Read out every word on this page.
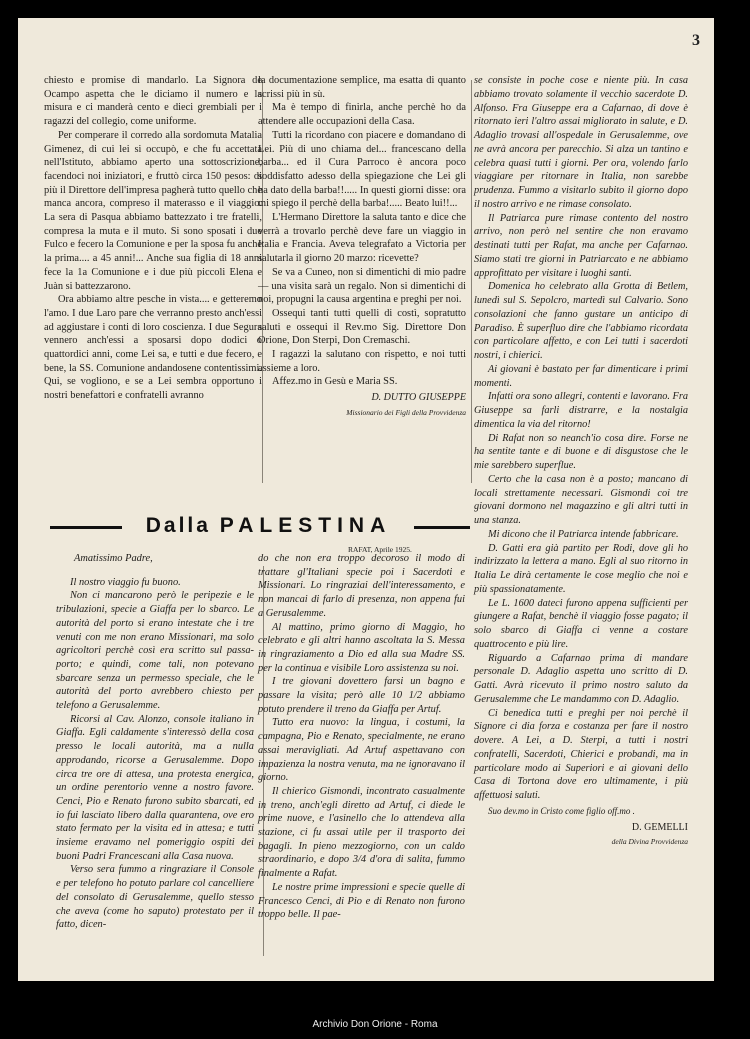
3

chiesto e promise di mandarlo. La Signora de Ocampo aspetta che le diciamo il numero e la misura e ci manderà cento e dieci grembiali per i ragazzi del collegio, come uniforme.

Per comperare il corredo alla sordomuta Matalia Gimenez, di cui lei si occupò, e che fu accettata nell'Istituto, abbiamo aperto una sottoscrizione, facendoci noi iniziatori, e fruttò circa 150 pesos: di più il Direttore dell'impresa pagherà tutto quello che manca ancora, compreso il materasso e il viaggio. La sera di Pasqua abbiamo battezzato i tre fratelli, compresa la muta e il muto. Si sono sposati i due Fulco e fecero la Comunione e per la sposa fu anche la prima.... a 45 anni!... Anche sua figlia di 18 anni fece la 1a Comunione e i due più piccoli Elena e Juàn si battezzarono.

Ora abbiamo altre pesche in vista.... e getteremo l'amo. I due Laro pare che verranno presto anch'essi ad aggiustare i conti di loro coscienza. I due Segura vennero anch'essi a sposarsi dopo dodici o quattordici anni, come Lei sa, e tutti e due fecero, e bene, la SS. Comunione andandosene contentissimi. Qui, se vogliono, e se a Lei sembra opportuno i nostri benefattori e confratelli avranno

la documentazione semplice, ma esatta di quanto scrissi più in sù.

Ma è tempo di finirla, anche perchè ho da attendere alle occupazioni della Casa.

Tutti la ricordano con piacere e domandano di Lei. Più di uno chiama del... francescano della barba... ed il Cura Parroco è ancora poco soddisfatto adesso della spiegazione che Lei gli ha dato della barba!!..... In questi giorni disse: ora mi spiego il perchè della barba!..... Beato lui!!...

L'Hermano Direttore la saluta tanto e dice che verrà a trovarlo perchè deve fare un viaggio in Italia e Francia. Aveva telegrafato a Victoria per salutarla il giorno 20 marzo: ricevette?

Se va a Cuneo, non si dimentichi di mio padre — una visita sarà un regalo. Non si dimentichi di noi, propugni la causa argentina e preghi per noi.

Ossequi tanti tutti quelli di costì, sopratutto saluti e ossequi il Rev.mo Sig. Direttore Don Orione, Don Sterpi, Don Cremaschi.

I ragazzi la salutano con rispetto, e noi tutti assieme a loro.

Affez.mo in Gesù e Maria SS.

D. DUTTO GIUSEPPE
Missionario dei Figli della Provvidenza

se consiste in poche cose e niente più. In casa abbiamo trovato solamente il vecchio sacerdote D. Alfonso. Fra Giuseppe era a Cafarnao, di dove è ritornato ieri l'altro assai migliorato in salute, e D. Adaglio trovasi all'ospedale in Gerusalemme, ove ne avrà ancora per parecchio. Si alza un tantino e celebra quasi tutti i giorni. Per ora, volendo farlo viaggiare per ritornare in Italia, non sarebbe prudenza. Fummo a visitarlo subito il giorno dopo il nostro arrivo e ne rimase consolato.

Il Patriarca pure rimase contento del nostro arrivo, non però nel sentire che non eravamo destinati tutti per Rafat, ma anche per Cafarnao. Siamo stati tre giorni in Patriarcato e ne abbiamo approfittato per visitare i luoghi santi.

Domenica ho celebrato alla Grotta di Betlem, lunedì sul S. Sepolcro, martedì sul Calvario. Sono consolazioni che fanno gustare un anticipo di Paradiso. È superfluo dire che l'abbiamo ricordata con particolare affetto, e con Lei tutti i sacerdoti nostri, i chierici.

Ai giovani è bastato per far dimenticare i primi momenti.

Infatti ora sono allegri, contenti e lavorano. Fra Giuseppe sa farli distrarre, e la nostalgia dimentica la via del ritorno!

Di Rafat non so neanch'io cosa dire. Forse ne ha sentite tante e di buone e di disgustose che le mie sarebbero superflue.

Certo che la casa non è a posto; mancano di locali strettamente necessari. Gismondi coi tre giovani dormono nel magazzino e gli altri tutti in una stanza.

Mi dicono che il Patriarca intende fabbricare.

D. Gatti era già partito per Rodi, dove gli ho indirizzato la lettera a mano. Egli al suo ritorno in Italia Le dirà certamente le cose meglio che noi e più spassionatamente.

Le L. 1600 dateci furono appena sufficienti per giungere a Rafat, benchè il viaggio fosse pagato; il solo sbarco di Giaffa ci venne a costare quattrocento e più lire.

Riguardo a Cafarnao prima di mandare personale D. Adaglio aspetta uno scritto di D. Gatti. Avrà ricevuto il primo nostro saluto da Gerusalemme che Le mandammo con D. Adaglio.

Ci benedica tutti e preghi per noi perchè il Signore ci dia forza e costanza per fare il nostro dovere. A Lei, a D. Sterpi, a tutti i nostri confratelli, Sacerdoti, Chierici e probandi, ma in particolare modo ai Superiori e ai giovani dello Casa di Tortona dove ero ultimamente, i più affettuosi saluti.

Suo dev.mo in Cristo come figlio off.mo .

D. GEMELLI
della Divina Provvidenza
Dalla PALESTINA
RAFAT, Aprile 1925.

Amatissimo Padre,

Il nostro viaggio fu buono.

Non ci mancarono però le peripezie e le tribulazioni, specie a Giaffa per lo sbarco. Le autorità del porto si erano intestate che i tre venuti con me non erano Missionari, ma solo agricoltori perchè così era scritto sul passa-porto; e quindi, come tali, non potevano sbarcare senza un permesso speciale, che le autorità del porto avrebbero chiesto per telefono a Gerusalemme.

Ricorsi al Cav. Alonzo, console italiano in Giaffa. Egli caldamente s'interessò della cosa presso le locali autorità, ma a nulla approdando, ricorse a Gerusalemme. Dopo circa tre ore di attesa, una protesta energica, un ordine perentorio venne a nostro favore. Cenci, Pio e Renato furono subito sbarcati, ed io fui lasciato libero dalla quarantena, ove ero stato fermato per la visita ed in attesa; e tutti insieme eravamo nel pomeriggio ospiti dei buoni Padri Francescani alla Casa nuova.

Verso sera fummo a ringraziare il Console e per telefono ho potuto parlare col cancelliere del consolato di Gerusalemme, quello stesso che aveva (come ho saputo) protestato per il fatto, dicen-

do che non era troppo decoroso il modo di trattare gl'Italiani specie poi i Sacerdoti e Missionari. Lo ringraziai dell'interessamento, e non mancai di farlo di presenza, non appena fui a Gerusalemme.

Al mattino, primo giorno di Maggio, ho celebrato e gli altri hanno ascoltata la S. Messa in ringraziamento a Dio ed alla sua Madre SS. per la continua e visibile Loro assistenza su noi.

I tre giovani dovettero farsi un bagno e passare la visita; però alle 10 1/2 abbiamo potuto prendere il treno da Giaffa per Artuf.

Tutto era nuovo: la lingua, i costumi, la campagna, Pio e Renato, specialmente, ne erano assai meravigliati. Ad Artuf aspettavano con impazienza la nostra venuta, ma ne ignoravano il giorno.

Il chierico Gismondi, incontrato casualmente in treno, anch'egli diretto ad Artuf, ci diede le prime nuove, e l'asinello che lo attendeva alla stazione, ci fu assai utile per il trasporto dei bagagli. In pieno mezzogiorno, con un caldo straordinario, e dopo 3/4 d'ora di salita, fummo finalmente a Rafat.

Le nostre prime impressioni e specie quelle di Francesco Cenci, di Pio e di Renato non furono troppo belle. Il pae-

Archivio Don Orione - Roma
